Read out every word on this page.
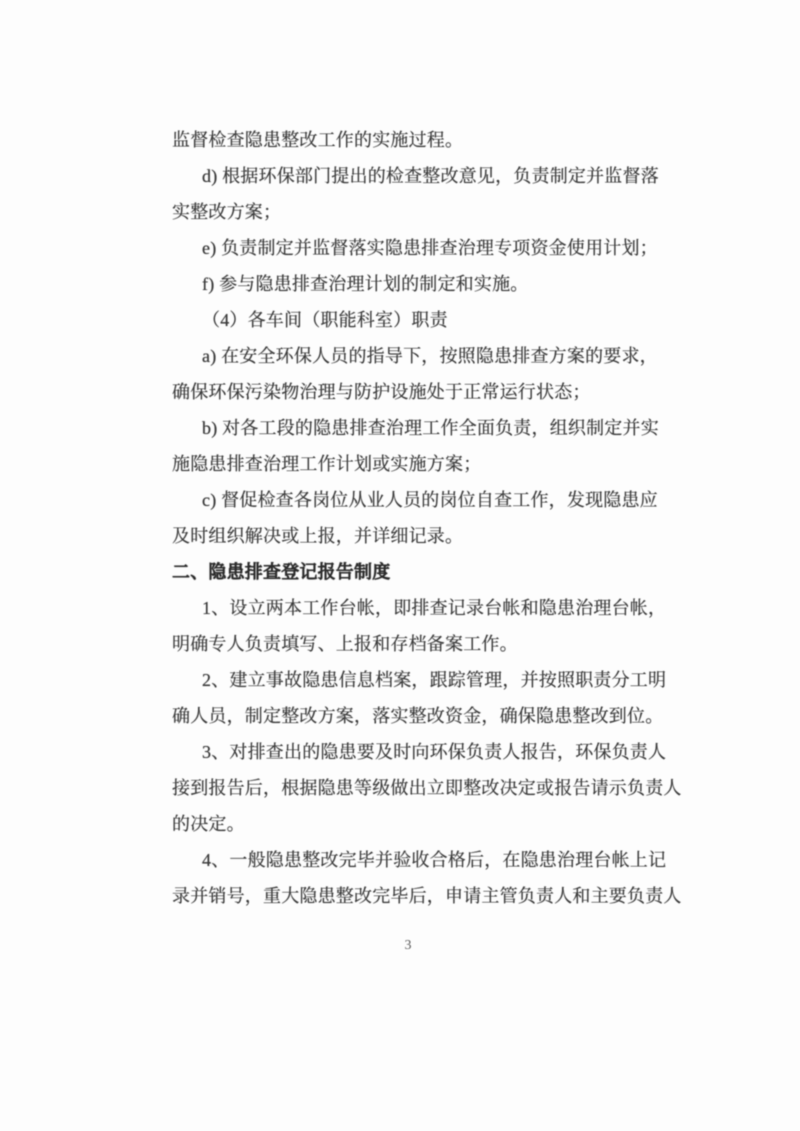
监督检查隐患整改工作的实施过程。
d) 根据环保部门提出的检查整改意见，负责制定并监督落
实整改方案；
e) 负责制定并监督落实隐患排查治理专项资金使用计划；
f) 参与隐患排查治理计划的制定和实施。
（4）各车间（职能科室）职责
a) 在安全环保人员的指导下，按照隐患排查方案的要求，
确保环保污染物治理与防护设施处于正常运行状态；
b) 对各工段的隐患排查治理工作全面负责，组织制定并实
施隐患排查治理工作计划或实施方案；
c) 督促检查各岗位从业人员的岗位自查工作，发现隐患应
及时组织解决或上报，并详细记录。
二、隐患排查登记报告制度
1、设立两本工作台帐，即排查记录台帐和隐患治理台帐，
明确专人负责填写、上报和存档备案工作。
2、建立事故隐患信息档案，跟踪管理，并按照职责分工明
确人员，制定整改方案，落实整改资金，确保隐患整改到位。
3、对排查出的隐患要及时向环保负责人报告，环保负责人
接到报告后，根据隐患等级做出立即整改决定或报告请示负责人
的决定。
4、一般隐患整改完毕并验收合格后，在隐患治理台帐上记
录并销号，重大隐患整改完毕后，申请主管负责人和主要负责人
3
